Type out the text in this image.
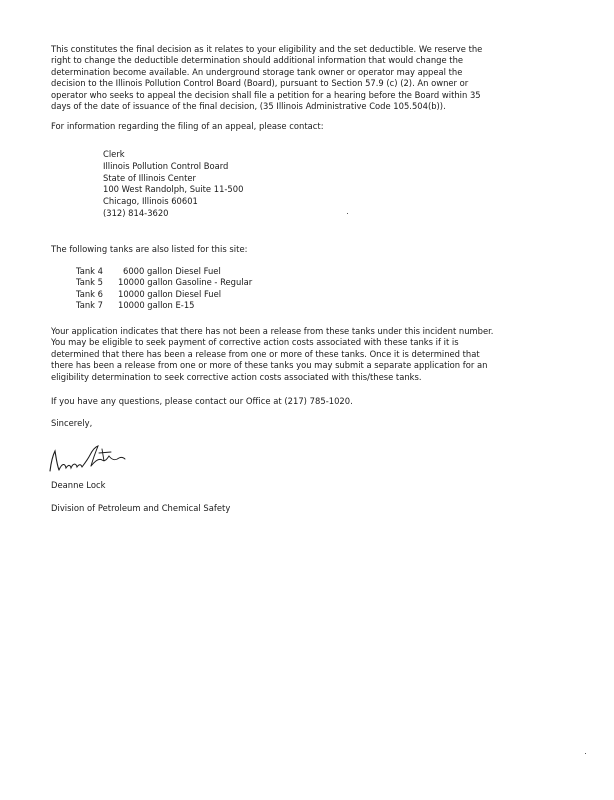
This constitutes the final decision as it relates to your eligibility and the set deductible. We reserve the
right to change the deductible determination should additional information that would change the
determination become available. An underground storage tank owner or operator may appeal the
decision to the Illinois Pollution Control Board (Board), pursuant to Section 57.9 (c) (2). An owner or
operator who seeks to appeal the decision shall file a petition for a hearing before the Board within 35
days of the date of issuance of the final decision, (35 Illinois Administrative Code 105.504(b)).
For information regarding the filing of an appeal, please contact:
Clerk
Illinois Pollution Control Board
State of Illinois Center
100 West Randolph, Suite 11-500
Chicago, Illinois 60601
(312) 814-3620
The following tanks are also listed for this site:
Tank 4 6000 gallon Diesel Fuel
Tank 5 10000 gallon Gasoline - Regular
Tank 6 10000 gallon Diesel Fuel
Tank 7 10000 gallon E-15
Your application indicates that there has not been a release from these tanks under this incident number.
You may be eligible to seek payment of corrective action costs associated with these tanks if it is
determined that there has been a release from one or more of these tanks. Once it is determined that
there has been a release from one or more of these tanks you may submit a separate application for an
eligibility determination to seek corrective action costs associated with this/these tanks.
If you have any questions, please contact our Office at (217) 785-1020.
Sincerely,
Deanne Lock
Division of Petroleum and Chemical Safety
